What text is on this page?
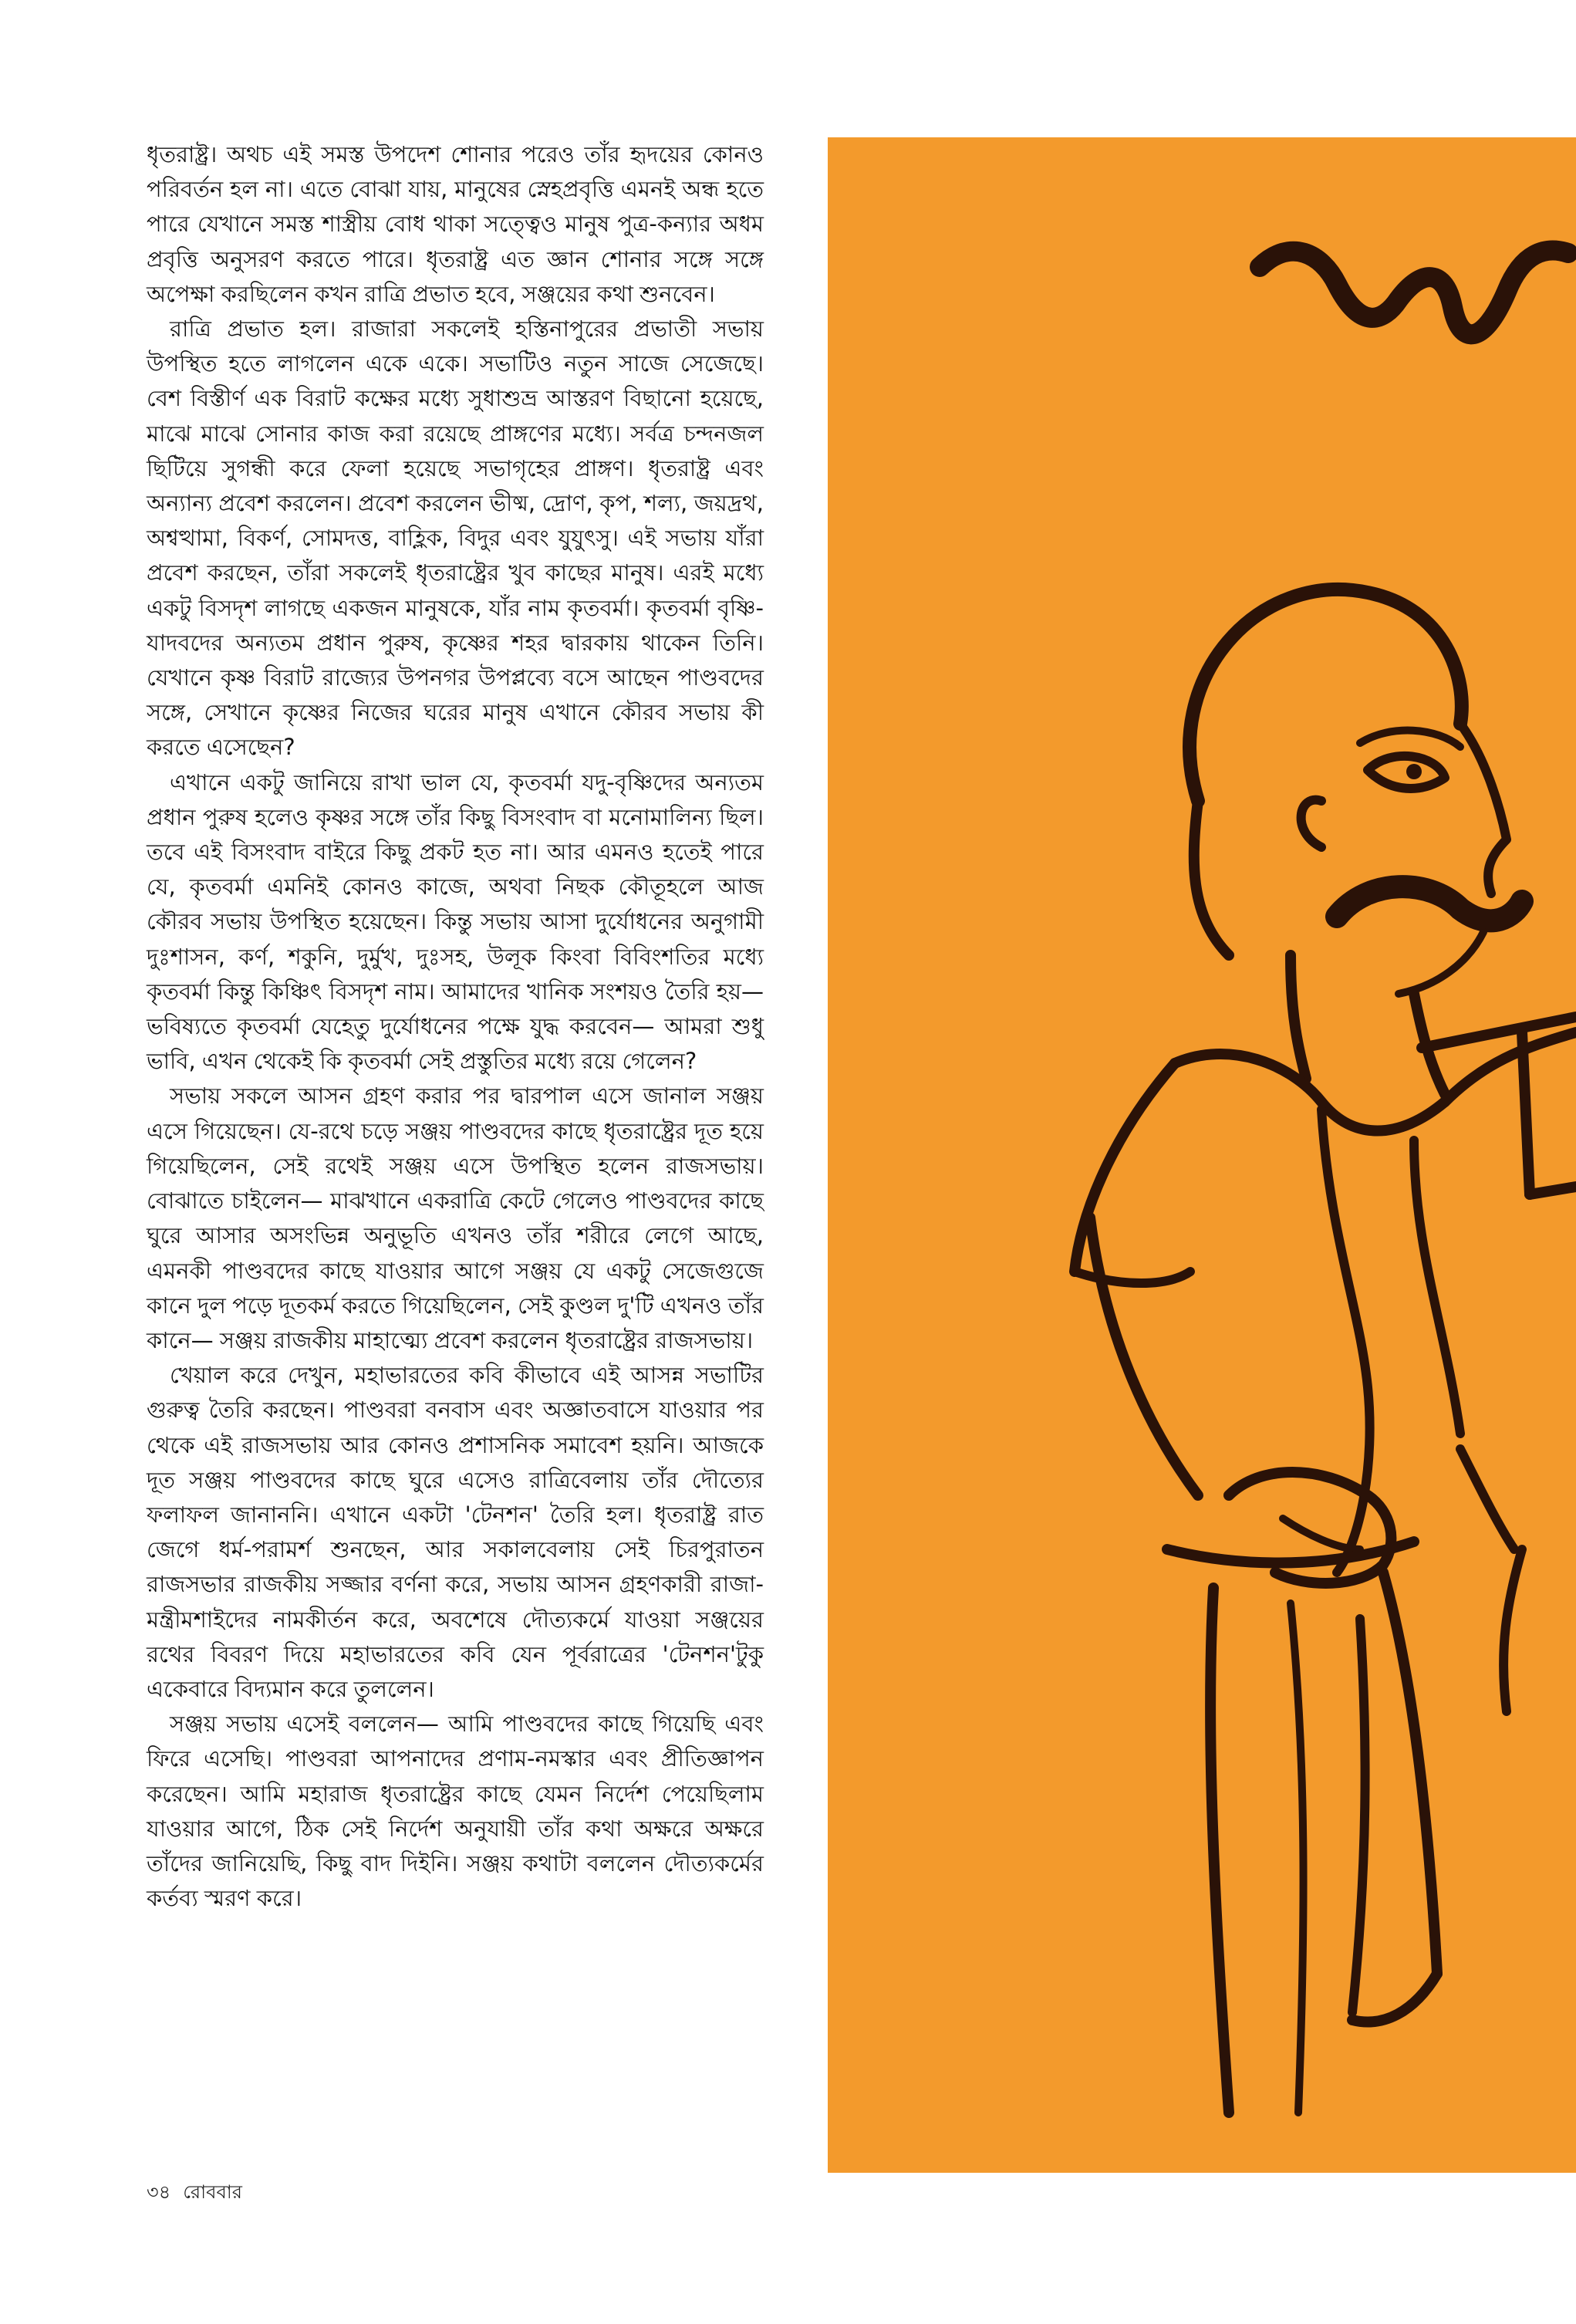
ধৃতরাষ্ট্র। অথচ এই সমস্ত উপদেশ শোনার পরেও তাঁর হৃদয়ের কোনও পরিবর্তন হল না। এতে বোঝা যায়, মানুষের স্নেহপ্রবৃত্তি এমনই অন্ধ হতে পারে যেখানে সমস্ত শাস্ত্রীয় বোধ থাকা সত্ত্বেও মানুষ পুত্র-কন্যার অধম প্রবৃত্তি অনুসরণ করতে পারে। ধৃতরাষ্ট্র এত জ্ঞান শোনার সঙ্গে সঙ্গে অপেক্ষা করছিলেন কখন রাত্রি প্রভাত হবে, সঞ্জয়ের কথা শুনবেন।

রাত্রি প্রভাত হল। রাজারা সকলেই হস্তিনাপুরের প্রভাতী সভায় উপস্থিত হতে লাগলেন একে একে। সভাটিও নতুন সাজে সেজেছে। বেশ বিস্তীর্ণ এক বিরাট কক্ষের মধ্যে সুধাশুভ্র আস্তরণ বিছানো হয়েছে, মাঝে মাঝে সোনার কাজ করা রয়েছে প্রাঙ্গণের মধ্যে। সর্বত্র চন্দনজল ছিটিয়ে সুগন্ধী করে ফেলা হয়েছে সভাগৃহের প্রাঙ্গণ। ধৃতরাষ্ট্র এবং অন্যান্য প্রবেশ করলেন। প্রবেশ করলেন ভীষ্ম, দ্রোণ, কৃপ, শল্য, জয়দ্রথ, অশ্বত্থামা, বিকর্ণ, সোমদত্ত, বাহ্লিক, বিদুর এবং যুযুৎসু। এই সভায় যাঁরা প্রবেশ করছেন, তাঁরা সকলেই ধৃতরাষ্ট্রের খুব কাছের মানুষ। এরই মধ্যে একটু বিসদৃশ লাগছে একজন মানুষকে, যাঁর নাম কৃতবর্মা। কৃতবর্মা বৃষ্ণি-যাদবদের অন্যতম প্রধান পুরুষ, কৃষ্ণের শহর দ্বারকায় থাকেন তিনি। যেখানে কৃষ্ণ বিরাট রাজ্যের উপনগর উপপ্লব্যে বসে আছেন পাণ্ডবদের সঙ্গে, সেখানে কৃষ্ণের নিজের ঘরের মানুষ এখানে কৌরব সভায় কী করতে এসেছেন?

এখানে একটু জানিয়ে রাখা ভাল যে, কৃতবর্মা যদু-বৃষ্ণিদের অন্যতম প্রধান পুরুষ হলেও কৃষ্ণর সঙ্গে তাঁর কিছু বিসংবাদ বা মনোমালিন্য ছিল। তবে এই বিসংবাদ বাইরে কিছু প্রকট হত না। আর এমনও হতেই পারে যে, কৃতবর্মা এমনিই কোনও কাজে, অথবা নিছক কৌতূহলে আজ কৌরব সভায় উপস্থিত হয়েছেন। কিন্তু সভায় আসা দুর্যোধনের অনুগামী দুঃশাসন, কর্ণ, শকুনি, দুর্মুখ, দুঃসহ, উলূক কিংবা বিবিংশতির মধ্যে কৃতবর্মা কিন্তু কিঞ্চিৎ বিসদৃশ নাম। আমাদের খানিক সংশয়ও তৈরি হয়— ভবিষ্যতে কৃতবর্মা যেহেতু দুর্যোধনের পক্ষে যুদ্ধ করবেন— আমরা শুধু ভাবি, এখন থেকেই কি কৃতবর্মা সেই প্রস্তুতির মধ্যে রয়ে গেলেন?

সভায় সকলে আসন গ্রহণ করার পর দ্বারপাল এসে জানাল সঞ্জয় এসে গিয়েছেন। যে-রথে চড়ে সঞ্জয় পাণ্ডবদের কাছে ধৃতরাষ্ট্রের দূত হয়ে গিয়েছিলেন, সেই রথেই সঞ্জয় এসে উপস্থিত হলেন রাজসভায়। বোঝাতে চাইলেন— মাঝখানে একরাত্রি কেটে গেলেও পাণ্ডবদের কাছে ঘুরে আসার অসংভিন্ন অনুভূতি এখনও তাঁর শরীরে লেগে আছে, এমনকী পাণ্ডবদের কাছে যাওয়ার আগে সঞ্জয় যে একটু সেজেগুজে কানে দুল পড়ে দূতকর্ম করতে গিয়েছিলেন, সেই কুণ্ডল দু'টি এখনও তাঁর কানে— সঞ্জয় রাজকীয় মাহাত্ম্যে প্রবেশ করলেন ধৃতরাষ্ট্রের রাজসভায়।

খেয়াল করে দেখুন, মহাভারতের কবি কীভাবে এই আসন্ন সভাটির গুরুত্ব তৈরি করছেন। পাণ্ডবরা বনবাস এবং অজ্ঞাতবাসে যাওয়ার পর থেকে এই রাজসভায় আর কোনও প্রশাসনিক সমাবেশ হয়নি। আজকে দূত সঞ্জয় পাণ্ডবদের কাছে ঘুরে এসেও রাত্রিবেলায় তাঁর দৌত্যের ফলাফল জানাননি। এখানে একটা 'টেনশন' তৈরি হল। ধৃতরাষ্ট্র রাত জেগে ধর্ম-পরামর্শ শুনছেন, আর সকালবেলায় সেই চিরপুরাতন রাজসভার রাজকীয় সজ্জার বর্ণনা করে, সভায় আসন গ্রহণকারী রাজা-মন্ত্রীমশাইদের নামকীর্তন করে, অবশেষে দৌত্যকর্মে যাওয়া সঞ্জয়ের রথের বিবরণ দিয়ে মহাভারতের কবি যেন পূর্বরাত্রের 'টেনশন'টুকু একেবারে বিদ্যমান করে তুললেন।

সঞ্জয় সভায় এসেই বললেন— আমি পাণ্ডবদের কাছে গিয়েছি এবং ফিরে এসেছি। পাণ্ডবরা আপনাদের প্রণাম-নমস্কার এবং প্রীতিজ্ঞাপন করেছেন। আমি মহারাজ ধৃতরাষ্ট্রের কাছে যেমন নির্দেশ পেয়েছিলাম যাওয়ার আগে, ঠিক সেই নির্দেশ অনুযায়ী তাঁর কথা অক্ষরে অক্ষরে তাঁদের জানিয়েছি, কিছু বাদ দিইনি। সঞ্জয় কথাটা বললেন দৌত্যকর্মের কর্তব্য স্মরণ করে।

৩৪ রোববার
